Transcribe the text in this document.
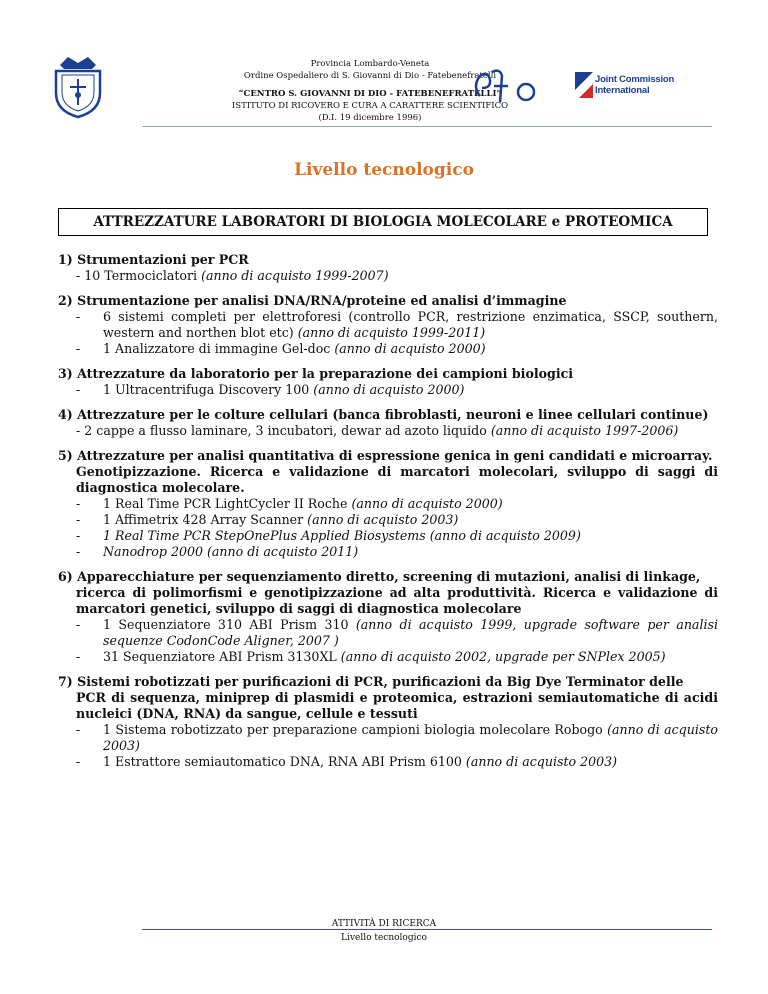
Provincia Lombardo-Veneta
Ordine Ospedaliero di S. Giovanni di Dio - Fatebenefratelli
“CENTRO S. GIOVANNI DI DIO - FATEBENEFRATELLI”
ISTITUTO DI RICOVERO E CURA A CARATTERE SCIENTIFICO
(D.I. 19 dicembre 1996)
Joint Commission
International
Livello tecnologico
ATTREZZATURE LABORATORI DI BIOLOGIA MOLECOLARE e PROTEOMICA
1) Strumentazioni per PCR
- 10 Termociclatori (anno di acquisto 1999-2007)
2) Strumentazione per analisi DNA/RNA/proteine ed analisi d’immagine
- 6 sistemi completi per elettroforesi (controllo PCR, restrizione enzimatica, SSCP, southern, western and northen blot etc) (anno di acquisto 1999-2011)
- 1 Analizzatore di immagine Gel-doc (anno di acquisto 2000)
3) Attrezzature da laboratorio per la preparazione dei campioni biologici
- 1 Ultracentrifuga Discovery 100 (anno di acquisto 2000)
4) Attrezzature per le colture cellulari (banca fibroblasti, neuroni e linee cellulari continue)
- 2 cappe a flusso laminare, 3 incubatori, dewar ad azoto liquido (anno di acquisto 1997-2006)
5) Attrezzature per analisi quantitativa di espressione genica in geni candidati e microarray.
Genotipizzazione. Ricerca e validazione di marcatori molecolari, sviluppo di saggi di diagnostica molecolare.
- 1 Real Time PCR LightCycler II Roche (anno di acquisto 2000)
- 1 Affimetrix 428 Array Scanner (anno di acquisto 2003)
- 1 Real Time PCR StepOnePlus Applied Biosystems (anno di acquisto 2009)
- Nanodrop 2000 (anno di acquisto 2011)
6) Apparecchiature per sequenziamento diretto, screening di mutazioni, analisi di linkage,
ricerca di polimorfismi e genotipizzazione ad alta produttività. Ricerca e validazione di marcatori genetici, sviluppo di saggi di diagnostica molecolare
- 1 Sequenziatore 310 ABI Prism 310 (anno di acquisto 1999, upgrade software per analisi sequenze CodonCode Aligner, 2007 )
- 31 Sequenziatore ABI Prism 3130XL (anno di acquisto 2002, upgrade per SNPlex 2005)
7) Sistemi robotizzati per purificazioni di PCR, purificazioni da Big Dye Terminator delle
PCR di sequenza, miniprep di plasmidi e proteomica, estrazioni semiautomatiche di acidi nucleici (DNA, RNA) da sangue, cellule e tessuti
- 1 Sistema robotizzato per preparazione campioni biologia molecolare Robogo (anno di acquisto 2003)
- 1 Estrattore semiautomatico DNA, RNA ABI Prism 6100 (anno di acquisto 2003)
ATTIVITÀ DI RICERCA
Livello tecnologico
